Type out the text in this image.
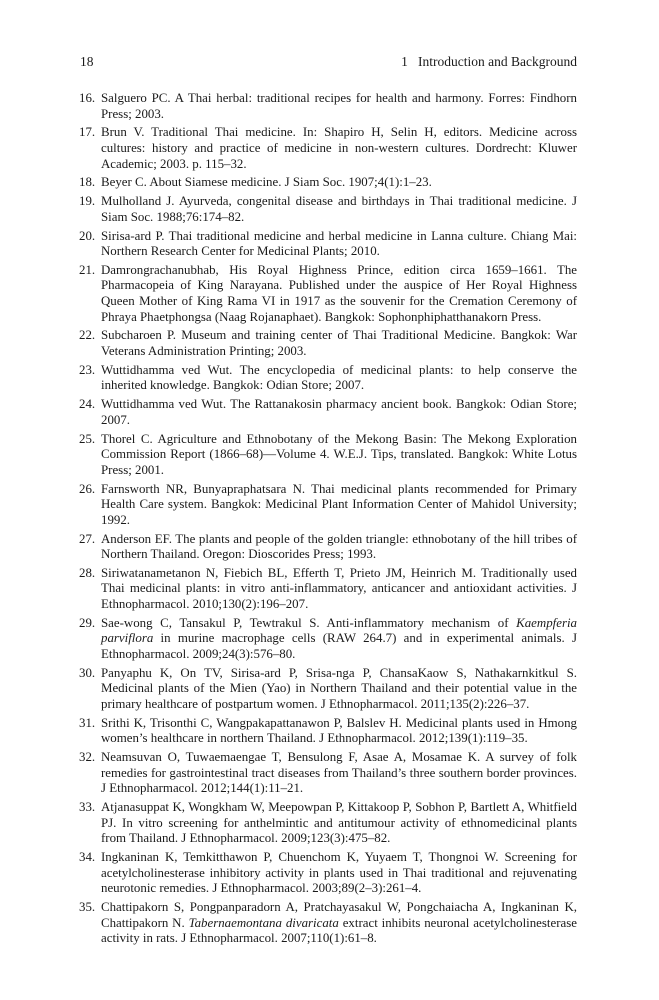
18	1   Introduction and Background
16. Salguero PC. A Thai herbal: traditional recipes for health and harmony. Forres: Findhorn Press; 2003.
17. Brun V. Traditional Thai medicine. In: Shapiro H, Selin H, editors. Medicine across cultures: history and practice of medicine in non-western cultures. Dordrecht: Kluwer Academic; 2003. p. 115–32.
18. Beyer C. About Siamese medicine. J Siam Soc. 1907;4(1):1–23.
19. Mulholland J. Ayurveda, congenital disease and birthdays in Thai traditional medicine. J Siam Soc. 1988;76:174–82.
20. Sirisa-ard P. Thai traditional medicine and herbal medicine in Lanna culture. Chiang Mai: Northern Research Center for Medicinal Plants; 2010.
21. Damrongrachanubhab, His Royal Highness Prince, edition circa 1659–1661. The Pharmacopeia of King Narayana. Published under the auspice of Her Royal Highness Queen Mother of King Rama VI in 1917 as the souvenir for the Cremation Ceremony of Phraya Phaetphongsa (Naag Rojanaphaet). Bangkok: Sophonphiphatthanakorn Press.
22. Subcharoen P. Museum and training center of Thai Traditional Medicine. Bangkok: War Veterans Administration Printing; 2003.
23. Wuttidhamma ved Wut. The encyclopedia of medicinal plants: to help conserve the inherited knowledge. Bangkok: Odian Store; 2007.
24. Wuttidhamma ved Wut. The Rattanakosin pharmacy ancient book. Bangkok: Odian Store; 2007.
25. Thorel C. Agriculture and Ethnobotany of the Mekong Basin: The Mekong Exploration Commission Report (1866–68)—Volume 4. W.E.J. Tips, translated. Bangkok: White Lotus Press; 2001.
26. Farnsworth NR, Bunyapraphatsara N. Thai medicinal plants recommended for Primary Health Care system. Bangkok: Medicinal Plant Information Center of Mahidol University; 1992.
27. Anderson EF. The plants and people of the golden triangle: ethnobotany of the hill tribes of Northern Thailand. Oregon: Dioscorides Press; 1993.
28. Siriwatanametanon N, Fiebich BL, Efferth T, Prieto JM, Heinrich M. Traditionally used Thai medicinal plants: in vitro anti-inflammatory, anticancer and antioxidant activities. J Ethnopharmacol. 2010;130(2):196–207.
29. Sae-wong C, Tansakul P, Tewtrakul S. Anti-inflammatory mechanism of Kaempferia parviflora in murine macrophage cells (RAW 264.7) and in experimental animals. J Ethnopharmacol. 2009;24(3):576–80.
30. Panyaphu K, On TV, Sirisa-ard P, Srisa-nga P, ChansaKaow S, Nathakarnkitkul S. Medicinal plants of the Mien (Yao) in Northern Thailand and their potential value in the primary healthcare of postpartum women. J Ethnopharmacol. 2011;135(2):226–37.
31. Srithi K, Trisonthi C, Wangpakapattanawon P, Balslev H. Medicinal plants used in Hmong women’s healthcare in northern Thailand. J Ethnopharmacol. 2012;139(1):119–35.
32. Neamsuvan O, Tuwaemaengae T, Bensulong F, Asae A, Mosamae K. A survey of folk remedies for gastrointestinal tract diseases from Thailand’s three southern border provinces. J Ethnopharmacol. 2012;144(1):11–21.
33. Atjanasuppat K, Wongkham W, Meepowpan P, Kittakoop P, Sobhon P, Bartlett A, Whitfield PJ. In vitro screening for anthelmintic and antitumour activity of ethnomedicinal plants from Thailand. J Ethnopharmacol. 2009;123(3):475–82.
34. Ingkaninan K, Temkitthawon P, Chuenchom K, Yuyaem T, Thongnoi W. Screening for acetylcholinesterase inhibitory activity in plants used in Thai traditional and rejuvenating neurotonic remedies. J Ethnopharmacol. 2003;89(2–3):261–4.
35. Chattipakorn S, Pongpanparadorn A, Pratchayasakul W, Pongchaiacha A, Ingkaninan K, Chattipakorn N. Tabernaemontana divaricata extract inhibits neuronal acetylcholinesterase activity in rats. J Ethnopharmacol. 2007;110(1):61–8.
